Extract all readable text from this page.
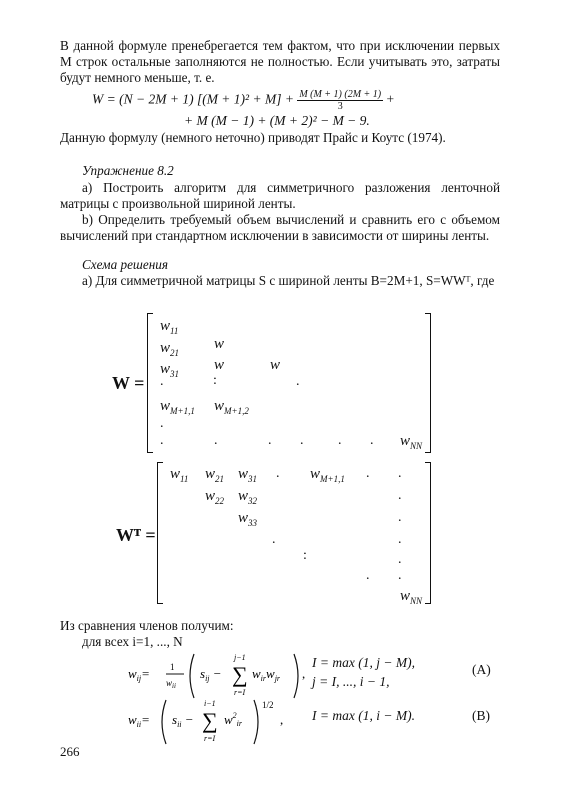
В данной формуле пренебрегается тем фактом, что при исключении первых M строк остальные заполняются не полностью. Если учитывать это, затраты будут немного меньше, т. е.
W = (N − 2M + 1) $[(M + 1)^2 + M] + \frac{M (M + 1) (2M + 1)}{3}$ +
+ M (M − 1) + (M + 2)² − M − 9.
Данную формулу (немного неточно) приводят Прайс и Коутс (1974).
Упражнение 8.2
а) Построить алгоритм для симметричного разложения ленточной матрицы с произвольной шириной ленты.
b) Определить требуемый объем вычислений и сравнить его с объемом вычислений при стандартном исключении в зависимости от ширины ленты.
Схема решения
а) Для симметричной матрицы S с шириной ленты B=2M+1, S=WWᵀ, где
W =
$w_{11}$
$w_{21}$
w
$w_{31}$
w	w
.	:	.
$w_{M+1,1}$ $w_{M+1,2}$
.
.	.	. . . . $w_{NN}$
Wᵀ =
$w_{11}$ $w_{21}$ $w_{31}$ . $w_{M+1,1}$ . .
$w_{22}$ $w_{32}$	.
$w_{33}$	.
.	.
:	.
. .
$w_{NN}$
Из сравнения членов получим:
для всех i=1, ..., N
$w_{ij}= 1$
$w_{ii}$
$s_{ij}$ − ∑
j−1
r=I
$w_{ir}w_{jr}$ ,
I = max (1, j − M),
j = I, ..., i − 1,
(A)
$w_{ii}= s_{ii}$ − ∑
i−1
r=I
$w^2_{ir}$
1/2
, I = max (1, i − M).	(B)
266
